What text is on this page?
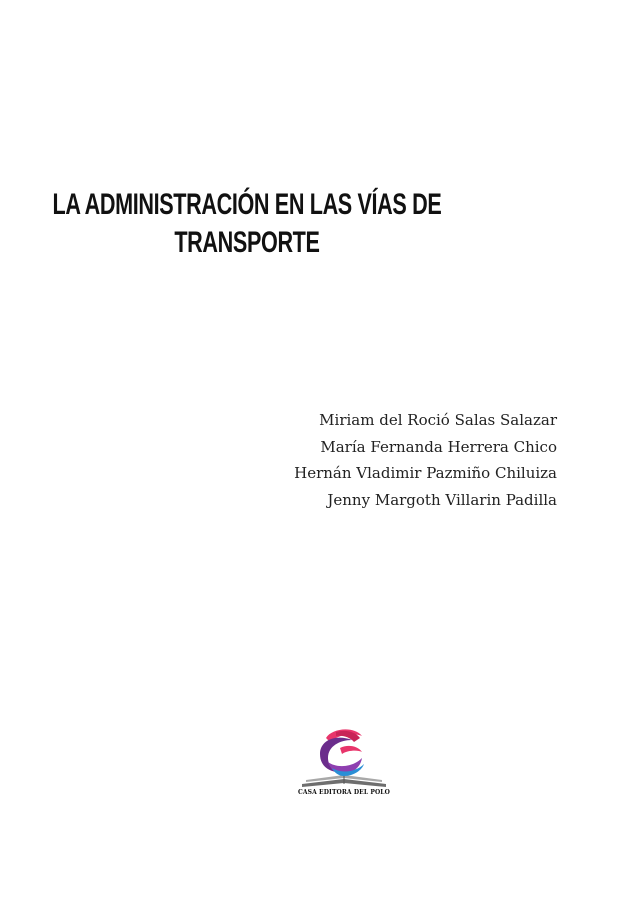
LA ADMINISTRACIÓN EN LAS VÍAS DE
TRANSPORTE
Miriam del Roció Salas Salazar
María Fernanda Herrera Chico
Hernán Vladimir Pazmiño Chiluiza
Jenny Margoth Villarin Padilla
CASA EDITORA DEL POLO
